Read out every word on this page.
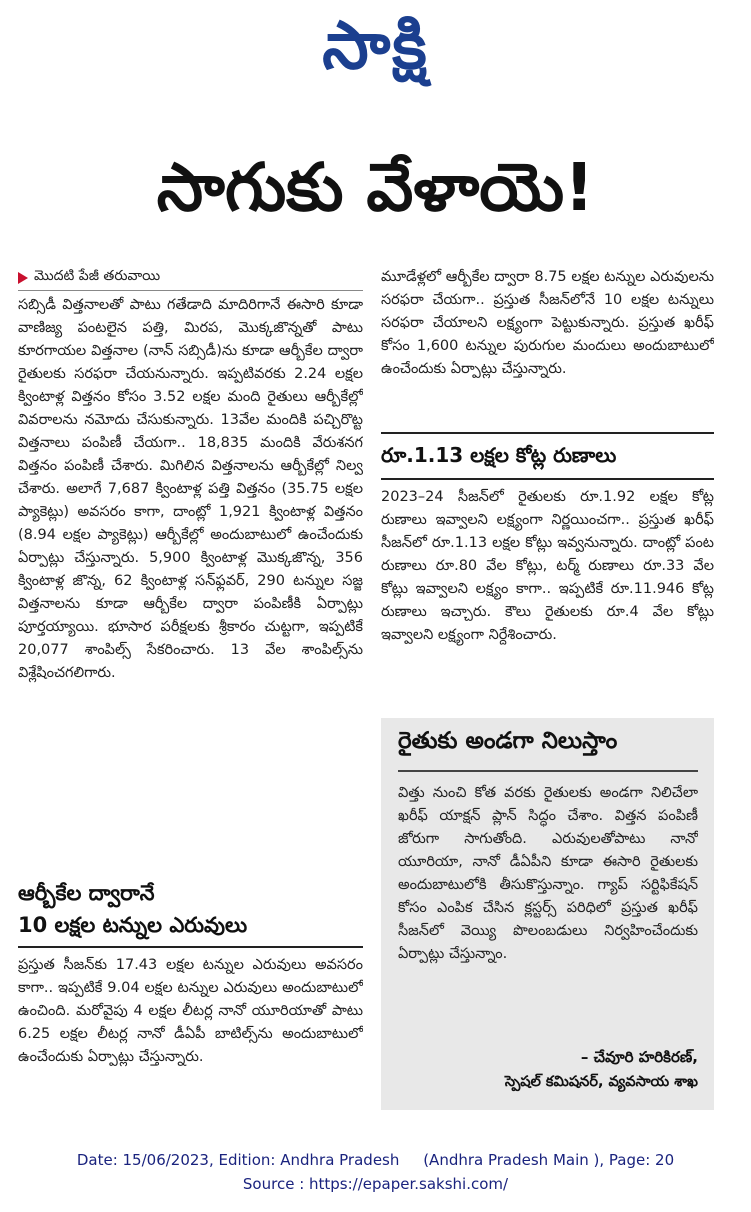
సాక్షి
సాగుకు వేళాయె!
మొదటి పేజీ తరువాయి

సబ్సిడీ విత్తనాలతో పాటు గతేడాది మాదిరిగానే ఈసారి కూడా వాణిజ్య పంటలైన పత్తి, మిరప, మొక్కజొన్నతో పాటు కూరగాయల విత్తనాల (నాన్ సబ్సిడీ)ను కూడా ఆర్బీకేల ద్వారా రైతులకు సరఫరా చేయనున్నారు. ఇప్పటివరకు 2.24 లక్షల క్వింటాళ్ల విత్తనం కోసం 3.52 లక్షల మంది రైతులు ఆర్బీకేల్లో వివరాలను నమోదు చేసుకున్నారు. 13వేల మందికి పచ్చిరొట్ట విత్తనాలు పంపిణీ చేయగా.. 18,835 మందికి వేరుశనగ విత్తనం పంపిణీ చేశారు. మిగిలిన విత్తనాలను ఆర్బీకేల్లో నిల్వ చేశారు. అలాగే 7,687 క్వింటాళ్ల పత్తి విత్తనం (35.75 లక్షల ప్యాకెట్లు) అవసరం కాగా, దాంట్లో 1,921 క్వింటాళ్ల విత్తనం (8.94 లక్షల ప్యాకెట్లు) ఆర్బీకేల్లో అందుబాటులో ఉంచేందుకు ఏర్పాట్లు చేస్తున్నారు. 5,900 క్వింటాళ్ల మొక్కజొన్న, 356 క్వింటాళ్ల జొన్న, 62 క్వింటాళ్ల సన్‌ఫ్లవర్, 290 టన్నుల సజ్జ విత్తనాలను కూడా ఆర్బీకేల ద్వారా పంపిణీకి ఏర్పాట్లు పూర్తయ్యాయి. భూసార పరీక్షలకు శ్రీకారం చుట్టగా, ఇప్పటికే 20,077 శాంపిల్స్ సేకరించారు. 13 వేల శాంపిల్స్‌ను విశ్లేషించగలిగారు.

ఆర్బీకేల ద్వారానే
10 లక్షల టన్నుల ఎరువులు

ప్రస్తుత సీజన్‌కు 17.43 లక్షల టన్నుల ఎరువులు అవసరం కాగా.. ఇప్పటికే 9.04 లక్షల టన్నుల ఎరువులు అందుబాటులో ఉంచింది. మరోవైపు 4 లక్షల లీటర్ల నానో యూరియాతో పాటు 6.25 లక్షల లీటర్ల నానో డీఏపీ బాటిల్స్‌ను అందుబాటులో ఉంచేందుకు ఏర్పాట్లు చేస్తున్నారు.

మూడేళ్లలో ఆర్బీకేల ద్వారా 8.75 లక్షల టన్నుల ఎరువులను సరఫరా చేయగా.. ప్రస్తుత సీజన్‌లోనే 10 లక్షల టన్నులు సరఫరా చేయాలని లక్ష్యంగా పెట్టుకున్నారు. ప్రస్తుత ఖరీఫ్ కోసం 1,600 టన్నుల పురుగుల మందులు అందుబాటులో ఉంచేందుకు ఏర్పాట్లు చేస్తున్నారు.

రూ.1.13 లక్షల కోట్ల రుణాలు

2023–24 సీజన్‌లో రైతులకు రూ.1.92 లక్షల కోట్ల రుణాలు ఇవ్వాలని లక్ష్యంగా నిర్ణయించగా.. ప్రస్తుత ఖరీఫ్ సీజన్‌లో రూ.1.13 లక్షల కోట్లు ఇవ్వనున్నారు. దాంట్లో పంట రుణాలు రూ.80 వేల కోట్లు, టర్మ్ రుణాలు రూ.33 వేల కోట్లు ఇవ్వాలని లక్ష్యం కాగా.. ఇప్పటికే రూ.11.946 కోట్ల రుణాలు ఇచ్చారు. కౌలు రైతులకు రూ.4 వేల కోట్లు ఇవ్వాలని లక్ష్యంగా నిర్దేశించారు.

రైతుకు అండగా నిలుస్తాం

విత్తు నుంచి కోత వరకు రైతులకు అండగా నిలిచేలా ఖరీఫ్ యాక్షన్ ప్లాన్ సిద్ధం చేశాం. విత్తన పంపిణీ జోరుగా సాగుతోంది. ఎరువులతోపాటు నానో యూరియా, నానో డీఏపీని కూడా ఈసారి రైతులకు అందుబాటులోకి తీసుకొస్తున్నాం. గ్యాప్ సర్టిఫికేషన్ కోసం ఎంపిక చేసిన క్లస్టర్స్ పరిధిలో ప్రస్తుత ఖరీఫ్ సీజన్‌లో వెయ్యి పొలంబడులు నిర్వహించేందుకు ఏర్పాట్లు చేస్తున్నాం.

– చేవూరి హరికిరణ్,
స్పెషల్ కమిషనర్, వ్యవసాయ శాఖ
Date: 15/06/2023, Edition: Andhra Pradesh     (Andhra Pradesh Main ), Page: 20
Source : https://epaper.sakshi.com/
